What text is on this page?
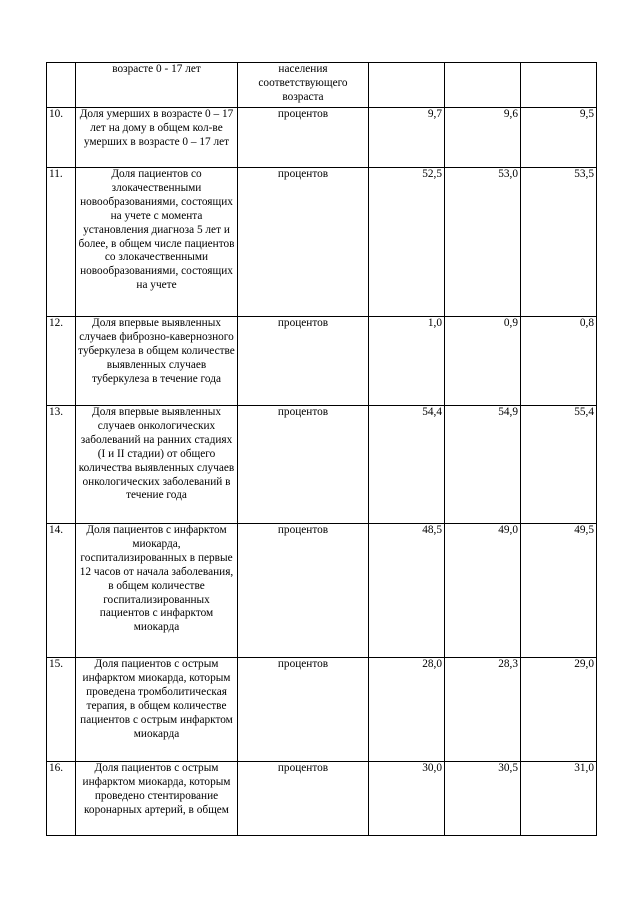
	возрасте 0 - 17 лет	населения соответствующего возраста			
10.	Доля умерших в возрасте 0 – 17 лет на дому в общем кол-ве умерших в возрасте 0 – 17 лет	процентов	9,7	9,6	9,5
11.	Доля пациентов со злокачественными новообразованиями, состоящих на учете с момента установления диагноза 5 лет и более, в общем числе пациентов со злокачественными новообразованиями, состоящих на учете	процентов	52,5	53,0	53,5
12.	Доля впервые выявленных случаев фиброзно-кавернозного туберкулеза в общем количестве выявленных случаев туберкулеза в течение года	процентов	1,0	0,9	0,8
13.	Доля впервые выявленных случаев онкологических заболеваний на ранних стадиях (I и II стадии) от общего количества выявленных случаев онкологических заболеваний в течение года	процентов	54,4	54,9	55,4
14.	Доля пациентов с инфарктом миокарда, госпитализированных в первые 12 часов от начала заболевания, в общем количестве госпитализированных пациентов с инфарктом миокарда	процентов	48,5	49,0	49,5
15.	Доля пациентов с острым инфарктом миокарда, которым проведена тромболитическая терапия, в общем количестве пациентов с острым инфарктом миокарда	процентов	28,0	28,3	29,0
16.	Доля пациентов с острым инфарктом миокарда, которым проведено стентирование коронарных артерий, в общем	процентов	30,0	30,5	31,0
